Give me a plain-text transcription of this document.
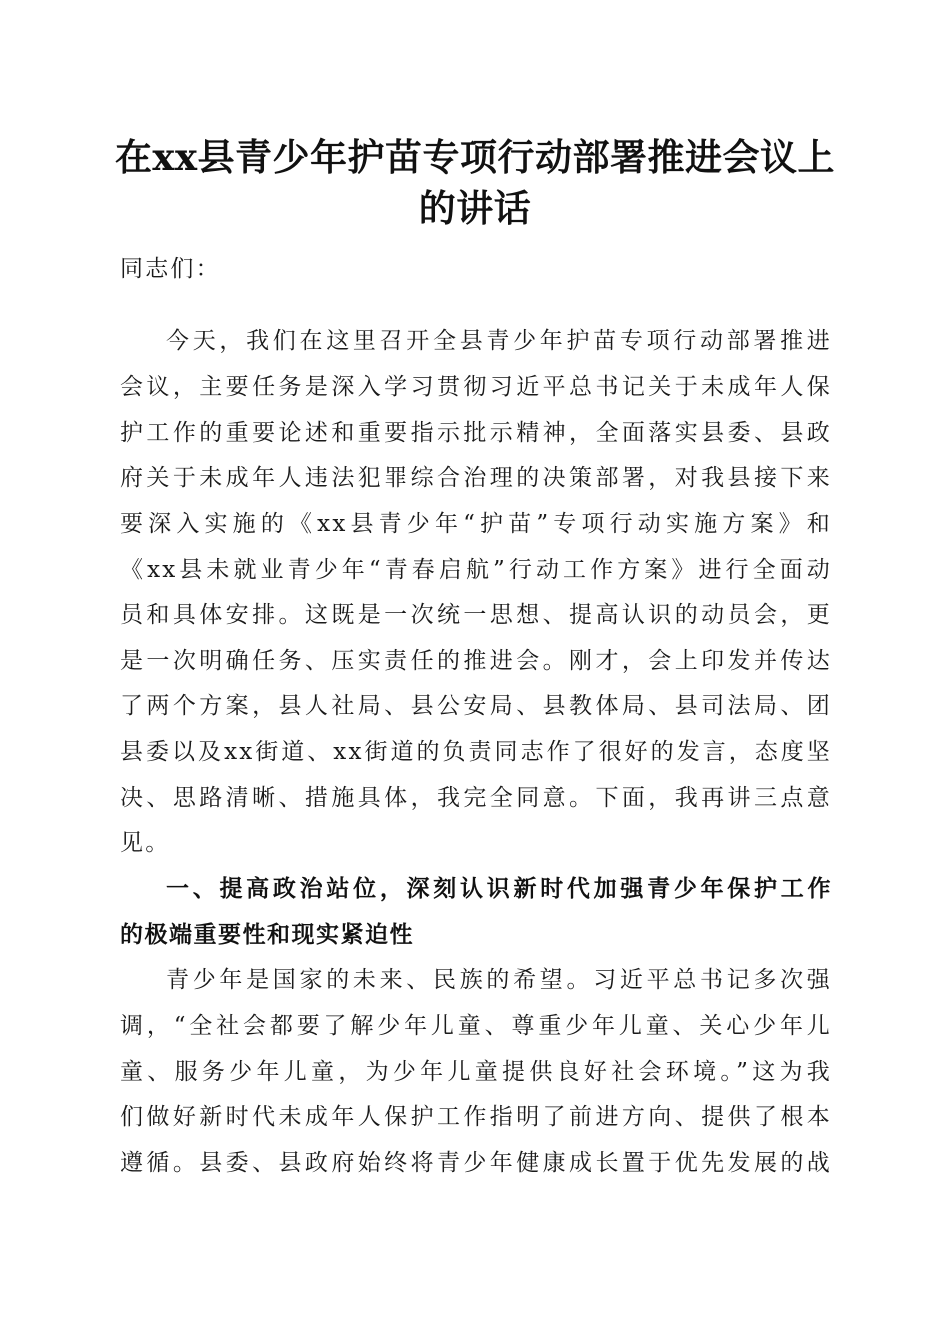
在xx县青少年护苗专项行动部署推进会议上
的讲话
同志们：
今天，我们在这里召开全县青少年护苗专项行动部署推进
会议，主要任务是深入学习贯彻习近平总书记关于未成年人保
护工作的重要论述和重要指示批示精神，全面落实县委、县政
府关于未成年人违法犯罪综合治理的决策部署，对我县接下来
要深入实施的《xx县青少年“护苗”专项行动实施方案》和
《xx县未就业青少年“青春启航”行动工作方案》进行全面动
员和具体安排。这既是一次统一思想、提高认识的动员会，更
是一次明确任务、压实责任的推进会。刚才，会上印发并传达
了两个方案，县人社局、县公安局、县教体局、县司法局、团
县委以及xx街道、xx街道的负责同志作了很好的发言，态度坚
决、思路清晰、措施具体，我完全同意。下面，我再讲三点意
见。
一、提高政治站位，深刻认识新时代加强青少年保护工作
的极端重要性和现实紧迫性
青少年是国家的未来、民族的希望。习近平总书记多次强
调，“全社会都要了解少年儿童、尊重少年儿童、关心少年儿
童、服务少年儿童，为少年儿童提供良好社会环境。”这为我
们做好新时代未成年人保护工作指明了前进方向、提供了根本
遵循。县委、县政府始终将青少年健康成长置于优先发展的战
